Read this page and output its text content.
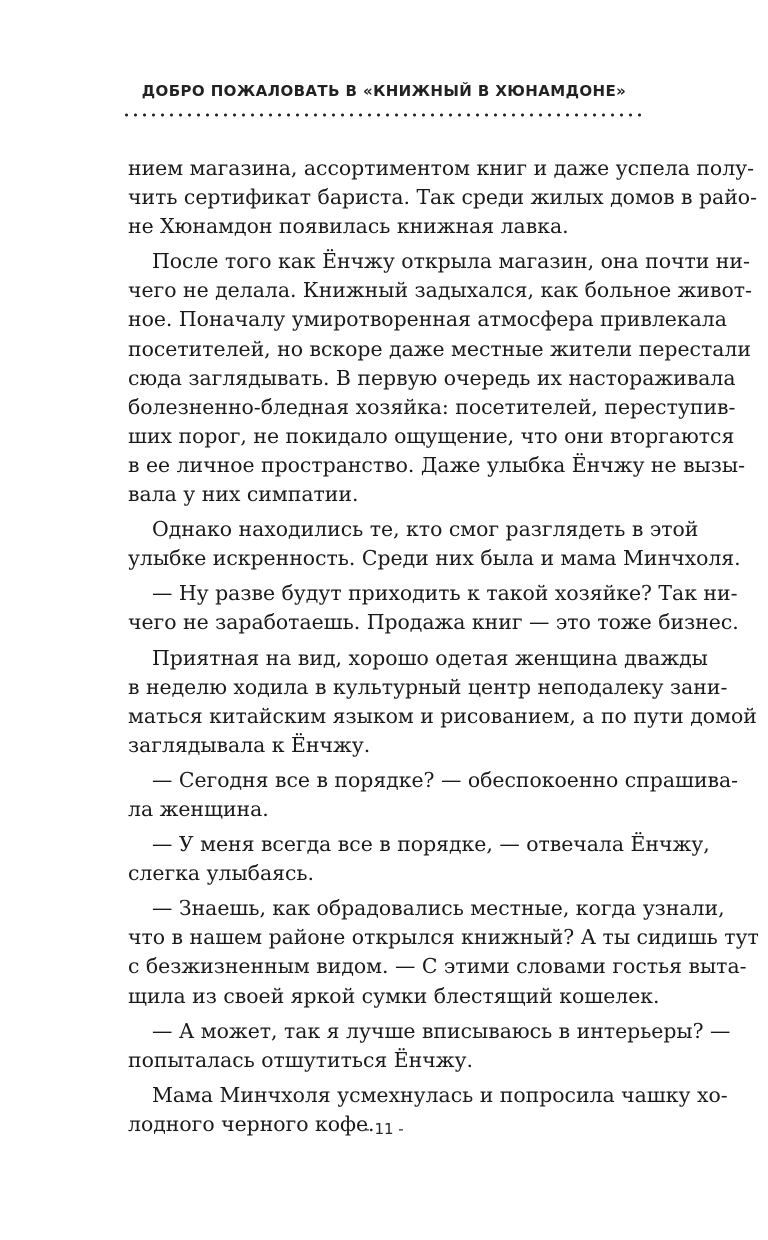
ДОБРО ПОЖАЛОВАТЬ В «КНИЖНЫЙ В ХЮНАМДОНЕ»
нием магазина, ассортиментом книг и даже успела полу-
чить сертификат бариста. Так среди жилых домов в райо-
не Хюнамдон появилась книжная лавка.
После того как Ёнчжу открыла магазин, она почти ни-
чего не делала. Книжный задыхался, как больное живот-
ное. Поначалу умиротворенная атмосфера привлекала
посетителей, но вскоре даже местные жители перестали
сюда заглядывать. В первую очередь их настораживала
болезненно-бледная хозяйка: посетителей, переступив-
ших порог, не покидало ощущение, что они вторгаются
в ее личное пространство. Даже улыбка Ёнчжу не вызы-
вала у них симпатии.
Однако находились те, кто смог разглядеть в этой
улыбке искренность. Среди них была и мама Минчхоля.
— Ну разве будут приходить к такой хозяйке? Так ни-
чего не заработаешь. Продажа книг — это тоже бизнес.
Приятная на вид, хорошо одетая женщина дважды
в неделю ходила в культурный центр неподалеку зани-
маться китайским языком и рисованием, а по пути домой
заглядывала к Ёнчжу.
— Сегодня все в порядке? — обеспокоенно спрашива-
ла женщина.
— У меня всегда все в порядке, — отвечала Ёнчжу,
слегка улыбаясь.
— Знаешь, как обрадовались местные, когда узнали,
что в нашем районе открылся книжный? А ты сидишь тут
с безжизненным видом. — С этими словами гостья выта-
щила из своей яркой сумки блестящий кошелек.
— А может, так я лучше вписываюсь в интерьеры? —
попыталась отшутиться Ёнчжу.
Мама Минчхоля усмехнулась и попросила чашку хо-
лодного черного кофе.
- 11 -
